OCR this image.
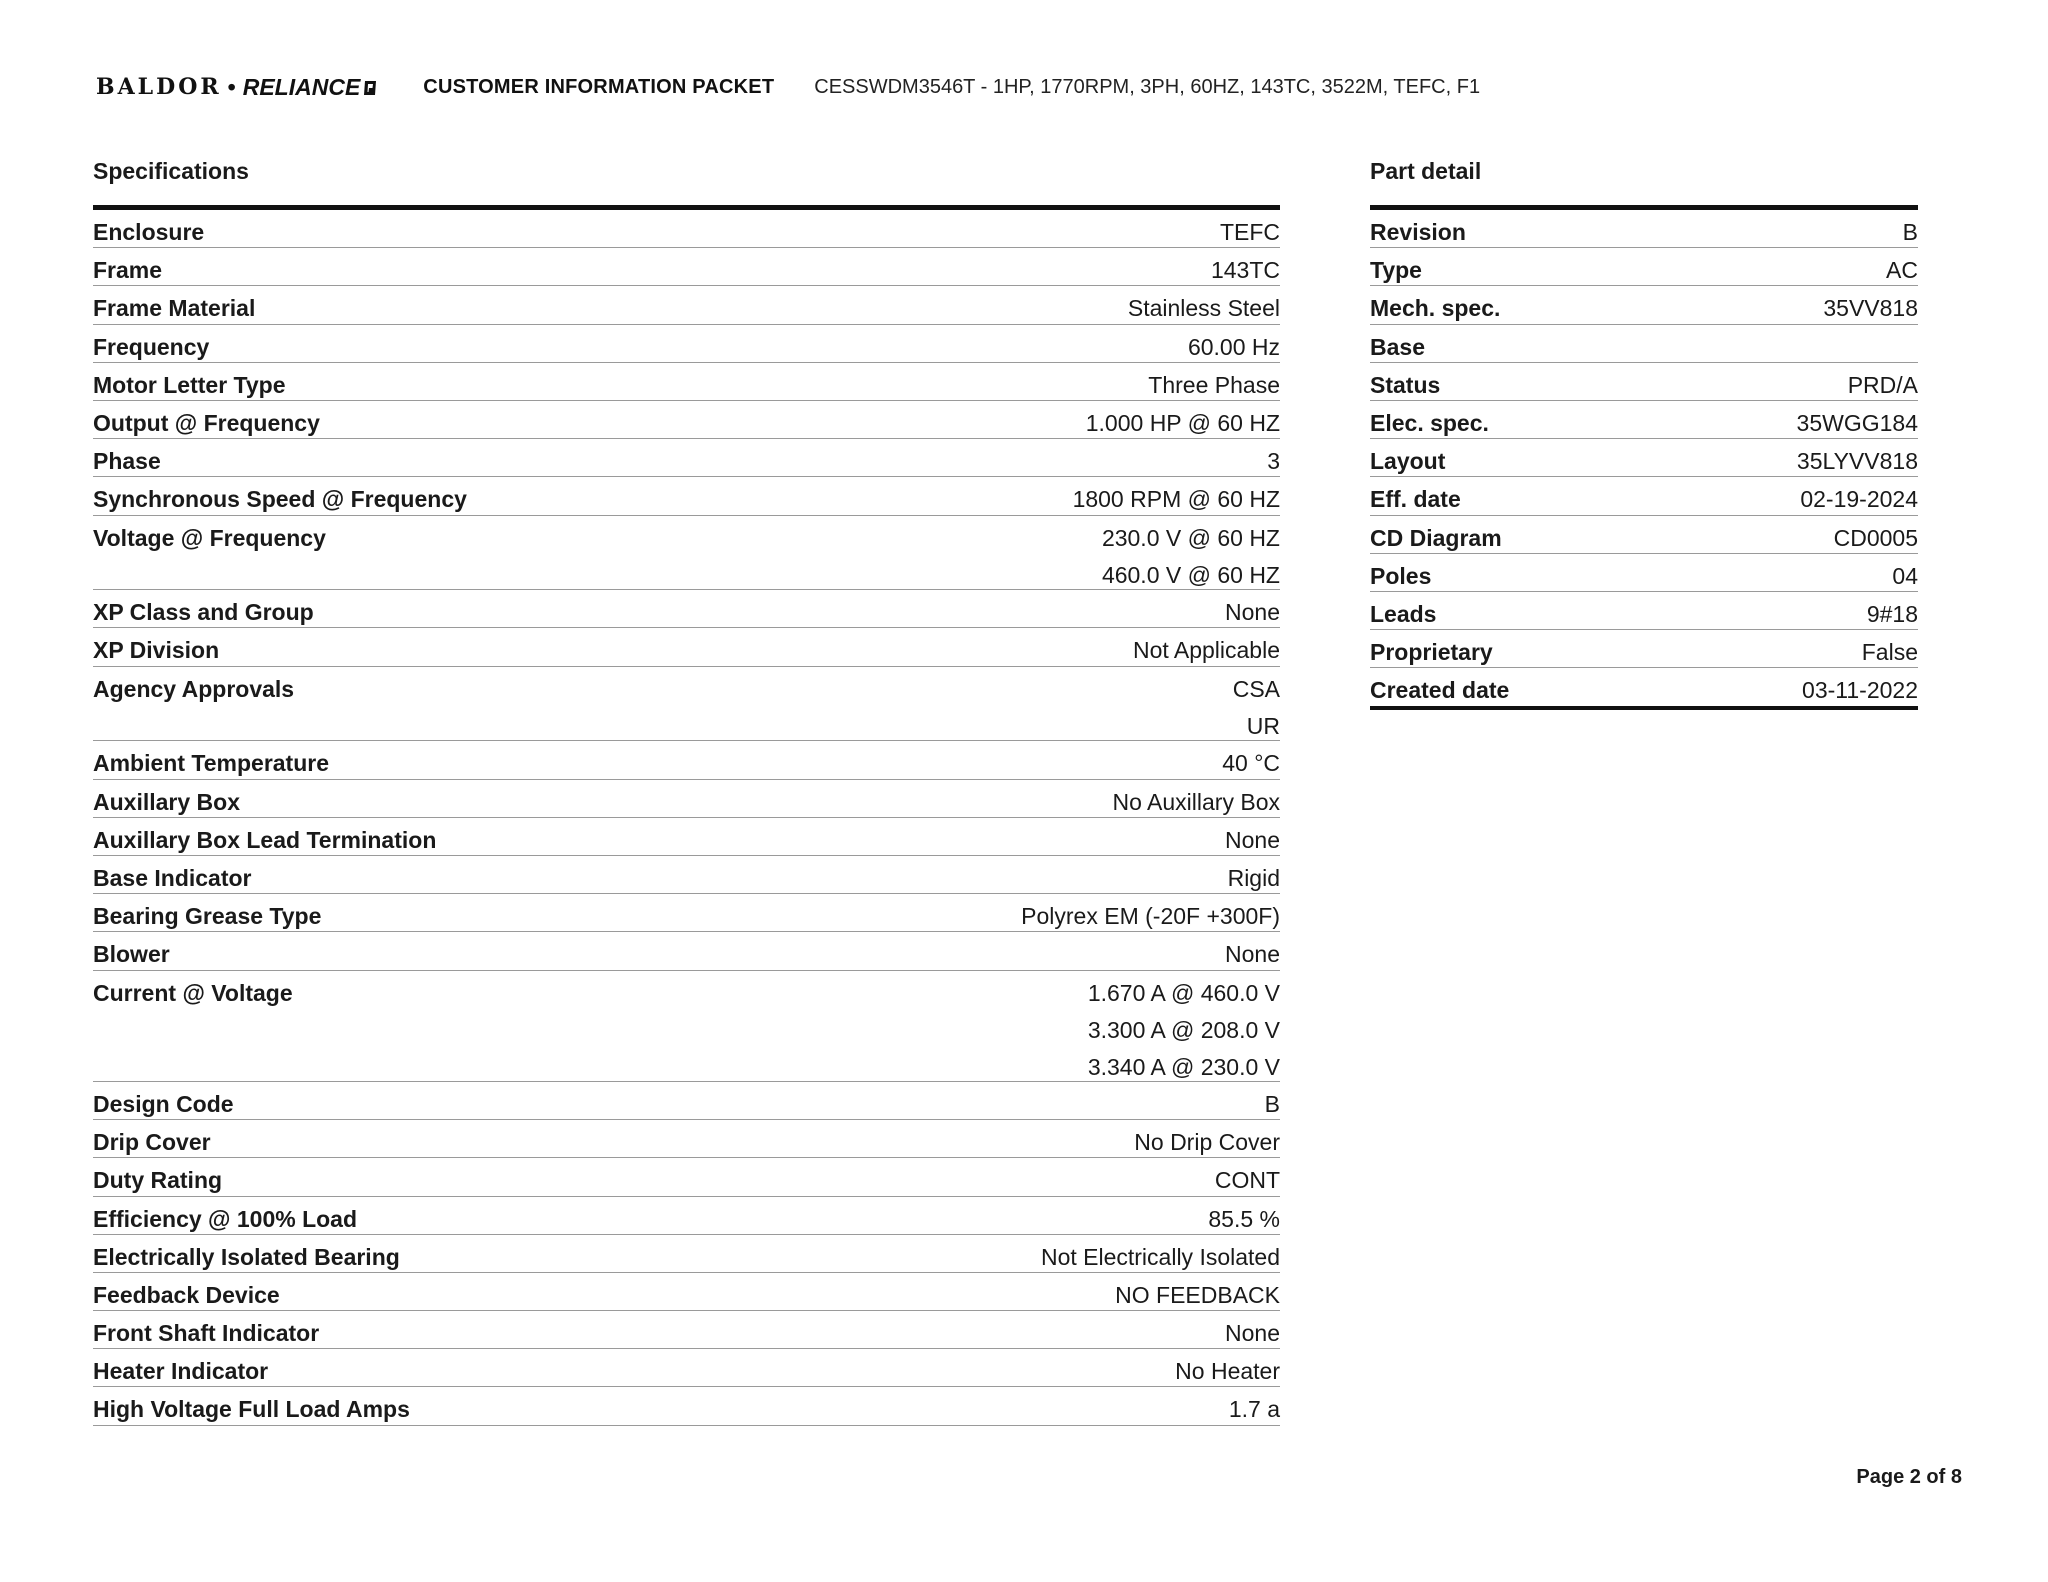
BALDOR • RELIANCE	CUSTOMER INFORMATION PACKET CESSWDM3546T - 1HP, 1770RPM, 3PH, 60HZ, 143TC, 3522M, TEFC, F1
Specifications
Enclosure	TEFC
Frame	143TC
Frame Material	Stainless Steel
Frequency	60.00 Hz
Motor Letter Type	Three Phase
Output @ Frequency	1.000 HP @ 60 HZ
Phase	3
Synchronous Speed @ Frequency	1800 RPM @ 60 HZ
Voltage @ Frequency	230.0 V @ 60 HZ
460.0 V @ 60 HZ
XP Class and Group	None
XP Division	Not Applicable
Agency Approvals	CSA
UR
Ambient Temperature	40 °C
Auxillary Box	No Auxillary Box
Auxillary Box Lead Termination	None
Base Indicator	Rigid
Bearing Grease Type	Polyrex EM (-20F +300F)
Blower	None
Current @ Voltage	1.670 A @ 460.0 V
3.300 A @ 208.0 V
3.340 A @ 230.0 V
Design Code	B
Drip Cover	No Drip Cover
Duty Rating	CONT
Efficiency @ 100% Load	85.5 %
Electrically Isolated Bearing	Not Electrically Isolated
Feedback Device	NO FEEDBACK
Front Shaft Indicator	None
Heater Indicator	No Heater
High Voltage Full Load Amps	1.7 a
Part detail
Revision	B
Type	AC
Mech. spec.	35VV818
Base
Status	PRD/A
Elec. spec.	35WGG184
Layout	35LYVV818
Eff. date	02-19-2024
CD Diagram	CD0005
Poles	04
Leads	9#18
Proprietary	False
Created date	03-11-2022
Page 2 of 8
